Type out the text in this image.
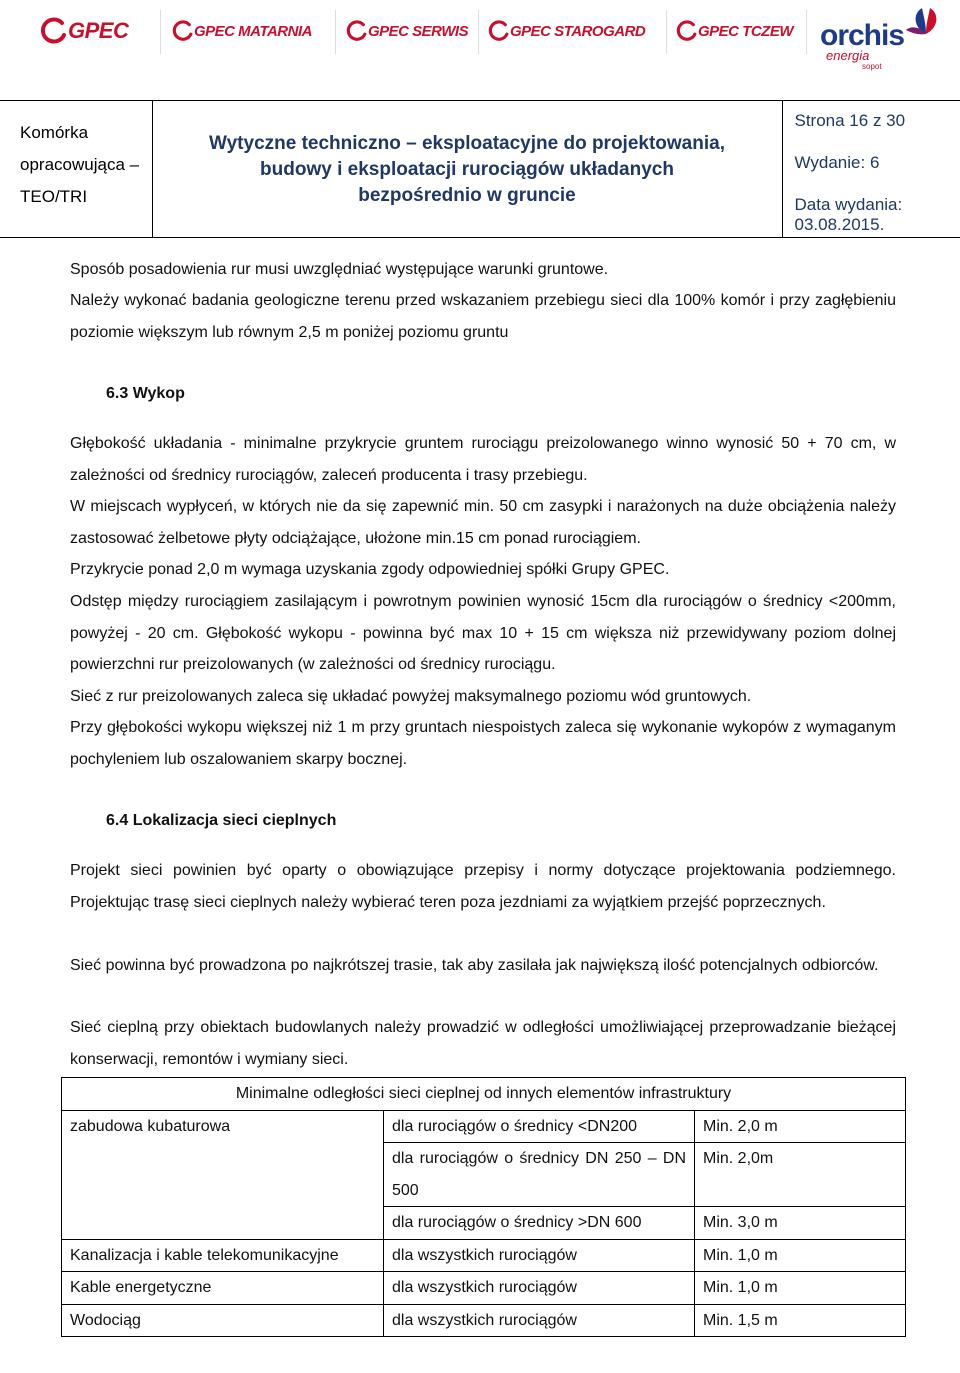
GPEC	GPEC MATARNIA	GPEC SERWIS	GPEC STAROGARD	GPEC TCZEW orchis
energia
sopot
Komórka
opracowująca –
TEO/TRI

Wytyczne techniczno – eksploatacyjne do projektowania,
budowy i eksploatacji rurociągów układanych
bezpośrednio w gruncie

Strona 16 z 30
Wydanie: 6
Data wydania:
03.08.2015.
Sposób posadowienia rur musi uwzględniać występujące warunki gruntowe.
Należy wykonać badania geologiczne terenu przed wskazaniem przebiegu sieci dla 100% komór i przy zagłębieniu poziomie większym lub równym 2,5 m poniżej poziomu gruntu
6.3 Wykop
Głębokość układania - minimalne przykrycie gruntem rurociągu preizolowanego winno wynosić 50 + 70 cm, w zależności od średnicy rurociągów, zaleceń producenta i trasy przebiegu.
W miejscach wypłyceń, w których nie da się zapewnić min. 50 cm zasypki i narażonych na duże obciążenia należy zastosować żelbetowe płyty odciążające, ułożone min.15 cm ponad rurociągiem.
Przykrycie ponad 2,0 m wymaga uzyskania zgody odpowiedniej spółki Grupy GPEC.
Odstęp między rurociągiem zasilającym i powrotnym powinien wynosić 15cm dla rurociągów o średnicy <200mm, powyżej - 20 cm. Głębokość wykopu - powinna być max 10 + 15 cm większa niż przewidywany poziom dolnej powierzchni rur preizolowanych (w zależności od średnicy rurociągu.
Sieć z rur preizolowanych zaleca się układać powyżej maksymalnego poziomu wód gruntowych.
Przy głębokości wykopu większej niż 1 m przy gruntach niespoistych zaleca się wykonanie wykopów z wymaganym pochyleniem lub oszalowaniem skarpy bocznej.
6.4 Lokalizacja sieci cieplnych
Projekt sieci powinien być oparty o obowiązujące przepisy i normy dotyczące projektowania podziemnego. Projektując trasę sieci cieplnych należy wybierać teren poza jezdniami za wyjątkiem przejść poprzecznych.
Sieć powinna być prowadzona po najkrótszej trasie, tak aby zasilała jak największą ilość potencjalnych odbiorców.
Sieć cieplną przy obiektach budowlanych należy prowadzić w odległości umożliwiającej przeprowadzanie bieżącej konserwacji, remontów i wymiany sieci.
Minimalne odległości sieci cieplnej od innych elementów infrastruktury		
zabudowa kubaturowa	dla rurociągów o średnicy <DN200	Min. 2,0 m
	dla rurociągów o średnicy DN 250 – DN 500	Min. 2,0m
	dla rurociągów o średnicy >DN 600	Min. 3,0 m
Kanalizacja i kable telekomunikacyjne	dla wszystkich rurociągów	Min. 1,0 m
Kable energetyczne	dla wszystkich rurociągów	Min. 1,0 m
Wodociąg	dla wszystkich rurociągów	Min. 1,5 m
